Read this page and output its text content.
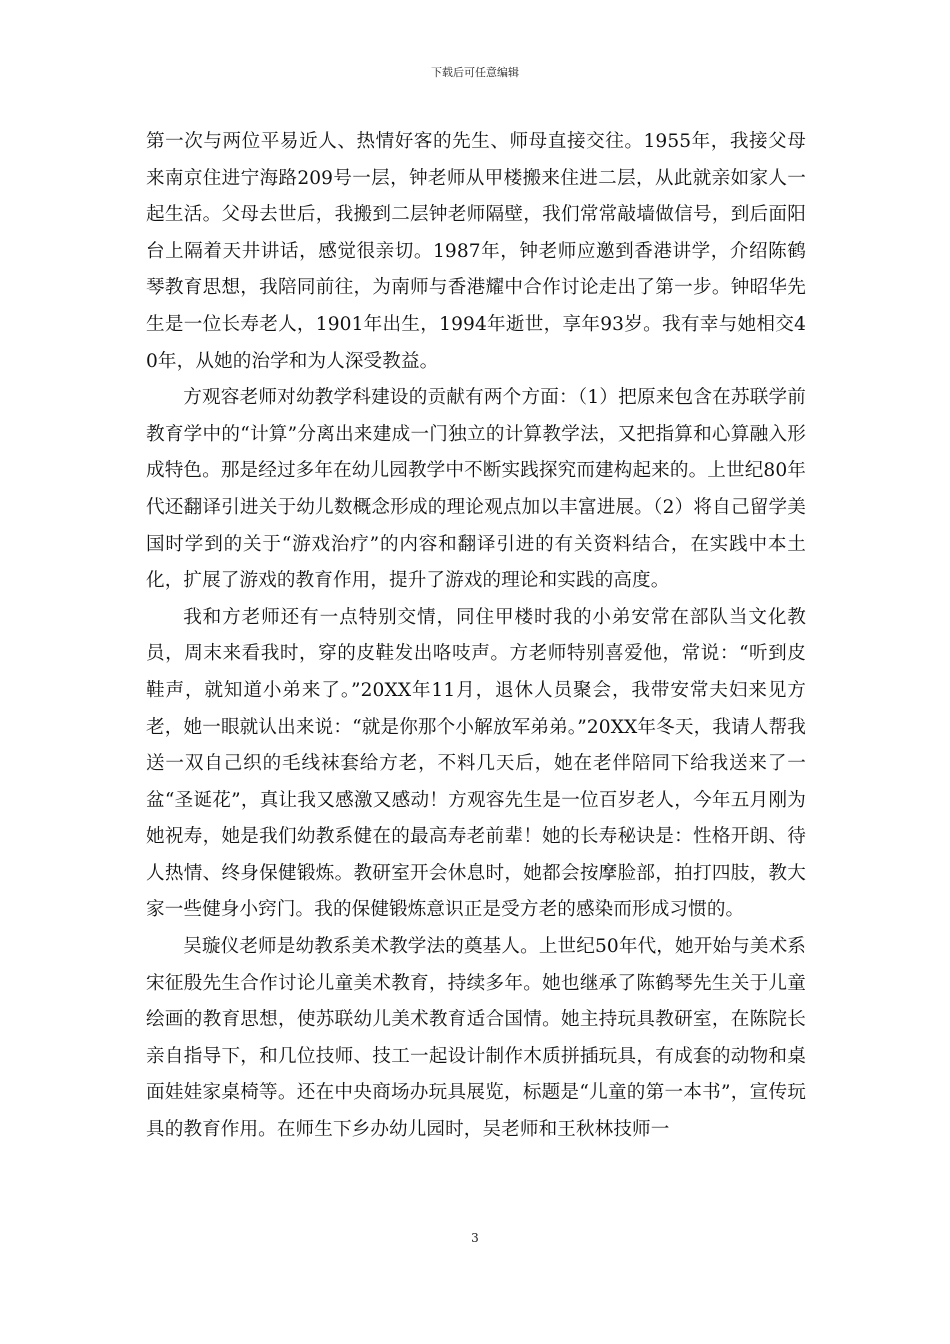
下载后可任意编辑

第一次与两位平易近人、热情好客的先生、师母直接交往。1955年，我接父母来南京住进宁海路209号一层，钟老师从甲楼搬来住进二层，从此就亲如家人一起生活。父母去世后，我搬到二层钟老师隔壁，我们常常敲墙做信号，到后面阳台上隔着天井讲话，感觉很亲切。1987年，钟老师应邀到香港讲学，介绍陈鹤琴教育思想，我陪同前往，为南师与香港耀中合作讨论走出了第一步。钟昭华先生是一位长寿老人，1901年出生，1994年逝世，享年93岁。我有幸与她相交40年，从她的治学和为人深受教益。

方观容老师对幼教学科建设的贡献有两个方面：（1）把原来包含在苏联学前教育学中的“计算”分离出来建成一门独立的计算教学法，又把指算和心算融入形成特色。那是经过多年在幼儿园教学中不断实践探究而建构起来的。上世纪80年代还翻译引进关于幼儿数概念形成的理论观点加以丰富进展。（2）将自己留学美国时学到的关于“游戏治疗”的内容和翻译引进的有关资料结合，在实践中本土化，扩展了游戏的教育作用，提升了游戏的理论和实践的高度。

我和方老师还有一点特别交情，同住甲楼时我的小弟安常在部队当文化教员，周末来看我时，穿的皮鞋发出咯吱声。方老师特别喜爱他，常说：“听到皮鞋声，就知道小弟来了。”20XX年11月，退休人员聚会，我带安常夫妇来见方老，她一眼就认出来说：“就是你那个小解放军弟弟。”20XX年冬天，我请人帮我送一双自己织的毛线袜套给方老，不料几天后，她在老伴陪同下给我送来了一盆“圣诞花”，真让我又感激又感动！方观容先生是一位百岁老人，今年五月刚为她祝寿，她是我们幼教系健在的最高寿老前辈！她的长寿秘诀是：性格开朗、待人热情、终身保健锻炼。教研室开会休息时，她都会按摩脸部，拍打四肢，教大家一些健身小窍门。我的保健锻炼意识正是受方老的感染而形成习惯的。

吴璇仪老师是幼教系美术教学法的奠基人。上世纪50年代，她开始与美术系宋征殷先生合作讨论儿童美术教育，持续多年。她也继承了陈鹤琴先生关于儿童绘画的教育思想，使苏联幼儿美术教育适合国情。她主持玩具教研室，在陈院长亲自指导下，和几位技师、技工一起设计制作木质拼插玩具，有成套的动物和桌面娃娃家桌椅等。还在中央商场办玩具展览，标题是“儿童的第一本书”，宣传玩具的教育作用。在师生下乡办幼儿园时，吴老师和王秋林技师一

3
